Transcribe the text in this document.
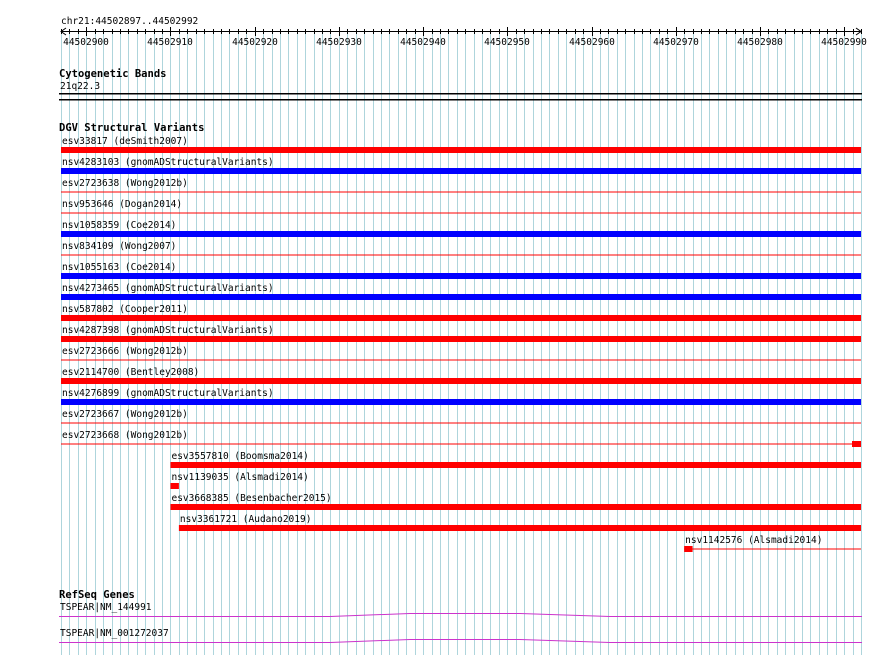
chr21:44502897..44502992
44502900	44502910	44502920	44502930	44502940	44502950	44502960	44502970	44502980	44502990
Cytogenetic Bands
21q22.3
DGV Structural Variants
esv33817 (deSmith2007)
nsv4283103 (gnomADStructuralVariants)
esv2723638 (Wong2012b)
nsv953646 (Dogan2014)
nsv1058359 (Coe2014)
nsv834109 (Wong2007)
nsv1055163 (Coe2014)
nsv4273465 (gnomADStructuralVariants)
nsv587802 (Cooper2011)
nsv4287398 (gnomADStructuralVariants)
esv2723666 (Wong2012b)
esv2114700 (Bentley2008)
nsv4276899 (gnomADStructuralVariants)
esv2723667 (Wong2012b)
esv2723668 (Wong2012b)
esv3557810 (Boomsma2014)
nsv1139035 (Alsmadi2014)
esv3668385 (Besenbacher2015)
nsv3361721 (Audano2019)
nsv1142576 (Alsmadi2014)
RefSeq Genes
TSPEAR|NM_144991
TSPEAR|NM_001272037
